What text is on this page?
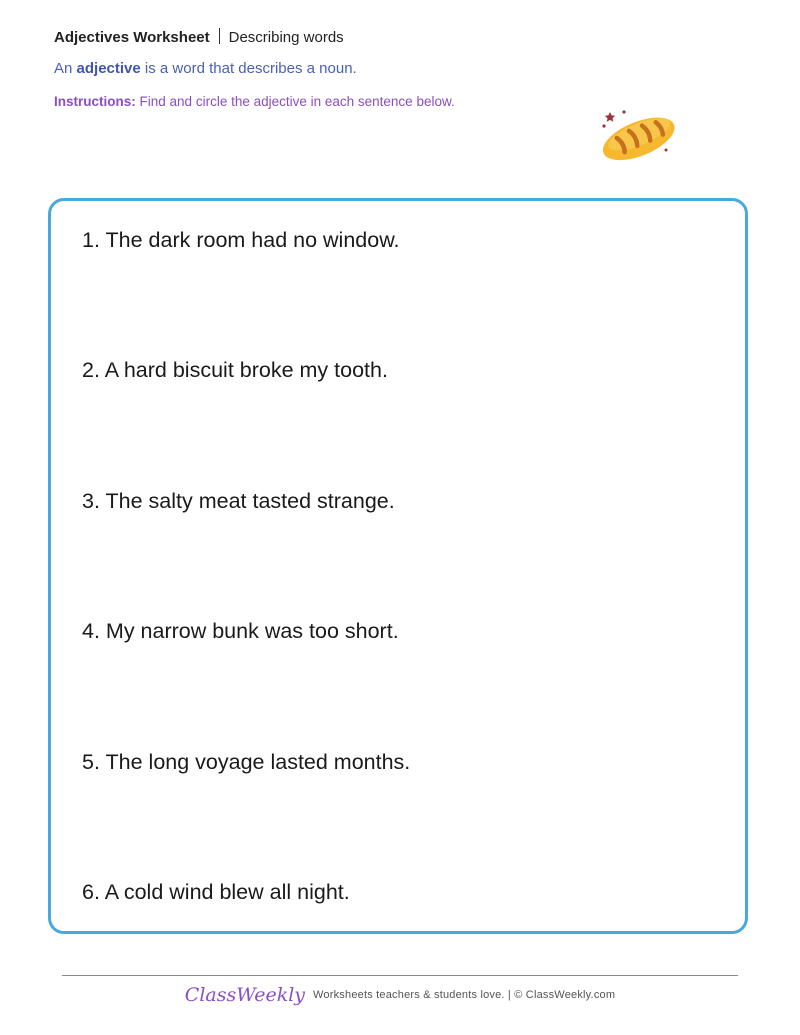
Adjectives Worksheet Describing words
An adjective is a word that describes a noun.
Instructions: Find and circle the adjective in each sentence below.
1. The dark room had no window.
2. A hard biscuit broke my tooth.
3. The salty meat tasted strange.
4. My narrow bunk was too short.
5. The long voyage lasted months.
6. A cold wind blew all night.
ClassWeekly Worksheets teachers & students love. | © ClassWeekly.com
